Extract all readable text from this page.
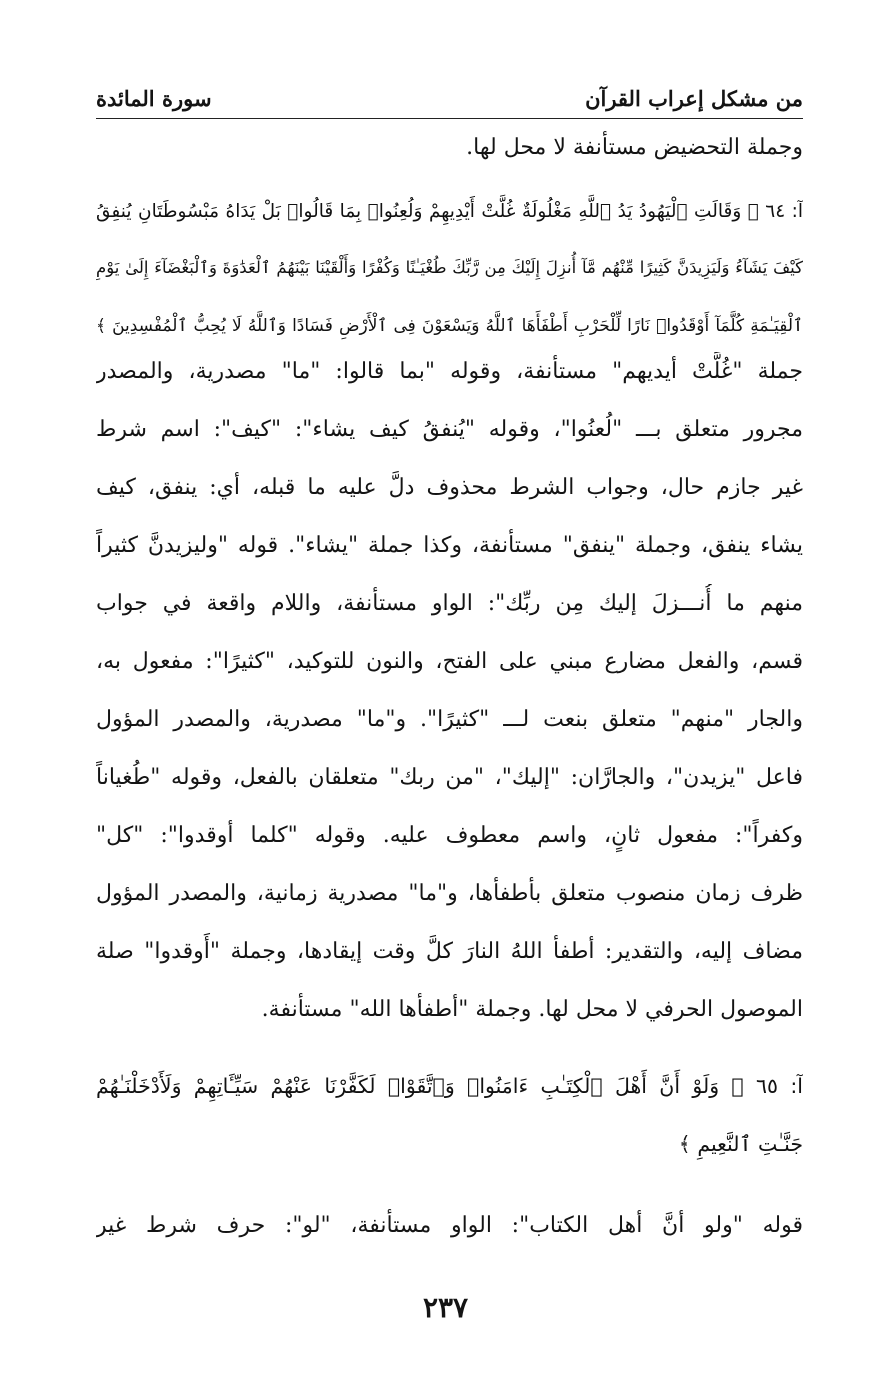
من مشكل إعراب القرآن
سورة المائدة
وجملة التحضيض مستأنفة لا محل لها.
آ: ٦٤ ﴿ وَقَالَتِ ٱلْيَهُودُ يَدُ ٱللَّهِ مَغْلُولَةٌ غُلَّتْ أَيْدِيهِمْ وَلُعِنُوا۟ بِمَا قَالُوا۟ بَلْ يَدَاهُ مَبْسُوطَتَانِ يُنفِقُ
كَيْفَ يَشَآءُ وَلَيَزِيدَنَّ كَثِيرًا مِّنْهُم مَّآ أُنزِلَ إِلَيْكَ مِن رَّبِّكَ طُغْيَـٰنًا وَكُفْرًا وَأَلْقَيْنَا بَيْنَهُمُ ٱلْعَدَٰوَةَ وَٱلْبَغْضَآءَ إِلَىٰ يَوْمِ
ٱلْقِيَـٰمَةِ كُلَّمَآ أَوْقَدُوا۟ نَارًا لِّلْحَرْبِ أَطْفَأَهَا ٱللَّهُ وَيَسْعَوْنَ فِى ٱلْأَرْضِ فَسَادًا وَٱللَّهُ لَا يُحِبُّ ٱلْمُفْسِدِينَ ﴾
جملة "غُلَّتْ أيديهم" مستأنفة، وقوله "بما قالوا: "ما" مصدرية، والمصدر
مجرور متعلق بـــ "لُعنُوا"، وقوله "يُنفقُ كيف يشاء": "كيف": اسم شرط
غير جازم حال، وجواب الشرط محذوف دلَّ عليه ما قبله، أي: ينفق، كيف
يشاء ينفق، وجملة "ينفق" مستأنفة، وكذا جملة "يشاء". قوله "وليزيدنَّ كثيراً
منهم ما أُنـــزلَ إليك مِن ربِّك": الواو مستأنفة، واللام واقعة في جواب
قسم، والفعل مضارع مبني على الفتح، والنون للتوكيد، "كثيرًا": مفعول به،
والجار "منهم" متعلق بنعت لـــ "كثيرًا". و"ما" مصدرية، والمصدر المؤول
فاعل "يزيدن"، والجارَّان: "إليك"، "من ربك" متعلقان بالفعل، وقوله "طُغياناً
وكفراً": مفعول ثانٍ، واسم معطوف عليه. وقوله "كلما أوقدوا": "كل"
ظرف زمان منصوب متعلق بأطفأها، و"ما" مصدرية زمانية، والمصدر المؤول
مضاف إليه، والتقدير: أطفأ اللهُ النارَ كلَّ وقت إيقادها، وجملة "أَوقدوا" صلة
الموصول الحرفي لا محل لها. وجملة "أطفأها الله" مستأنفة.
آ: ٦٥ ﴿ وَلَوْ أَنَّ أَهْلَ ٱلْكِتَـٰبِ ءَامَنُوا۟ وَٱتَّقَوْا۟ لَكَفَّرْنَا عَنْهُمْ سَيِّـَٔاتِهِمْ وَلَأَدْخَلْنَـٰهُمْ
جَنَّـٰتِ ٱلنَّعِيمِ ﴾
قوله "ولو أنَّ أهل الكتاب": الواو مستأنفة، "لو": حرف شرط غير
٢٣٧
